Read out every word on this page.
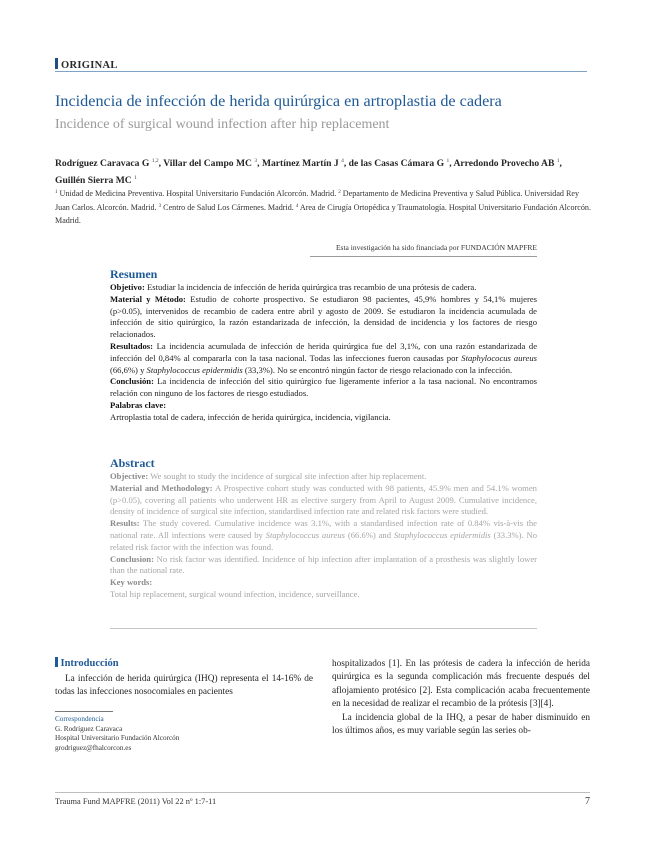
ORIGINAL
Incidencia de infección de herida quirúrgica en artroplastia de cadera
Incidence of surgical wound infection after hip replacement
Rodríguez Caravaca G $^{1,2}$, Villar del Campo MC $^3$, Martínez Martín J $^4$, de las Casas Cámara G $^1$, Arredondo Provecho AB $^1$,
Guillén Sierra MC $^1$
$^1$ Unidad de Medicina Preventiva. Hospital Universitario Fundación Alcorcón. Madrid. $^2$ Departamento de Medicina Preventiva y Salud Pública. Universidad Rey Juan Carlos. Alcorcón. Madrid. $^3$ Centro de Salud Los Cármenes. Madrid. $^4$ Area de Cirugía Ortopédica y Traumatología. Hospital Universitario Fundación Alcorcón. Madrid.
Esta investigación ha sido financiada por FUNDACIÓN MAPFRE
Resumen

Objetivo: Estudiar la incidencia de infección de herida quirúrgica tras recambio de una prótesis de cadera.

Material y Método: Estudio de cohorte prospectivo. Se estudiaron 98 pacientes, 45,9% hombres y 54,1% mujeres (p>0.05), intervenidos de recambio de cadera entre abril y agosto de 2009. Se estudiaron la incidencia acumulada de infección de sitio quirúrgico, la razón estandarizada de infección, la densidad de incidencia y los factores de riesgo relacionados.

Resultados: La incidencia acumulada de infección de herida quirúrgica fue del 3,1%, con una razón estandarizada de infección del 0,84% al compararla con la tasa nacional. Todas las infecciones fueron causadas por Staphylococus aureus (66,6%) y Staphylococcus epidermidis (33,3%). No se encontró ningún factor de riesgo relacionado con la infección.

Conclusión: La incidencia de infección del sitio quirúrgico fue ligeramente inferior a la tasa nacional. No encontramos relación con ninguno de los factores de riesgo estudiados.

Palabras clave:

Artroplastia total de cadera, infección de herida quirúrgica, incidencia, vigilancia.

Abstract

Objective: We sought to study the incidence of surgical site infection after hip replacement.

Material and Methodology: A Prospective cohort study was conducted with 98 patients, 45.9% men and 54.1% women (p>0.05), covering all patients who underwent HR as elective surgery from April to August 2009. Cumulative incidence, density of incidence of surgical site infection, standardised infection rate and related risk factors were studied.

Results: The study covered. Cumulative incidence was 3.1%, with a standardised infection rate of 0.84% vis-à-vis the national rate. All infections were caused by Staphylococcus aureus (66.6%) and Staphylococcus epidermidis (33.3%). No related risk factor with the infection was found.

Conclusion: No risk factor was identified. Incidence of hip infection after implantation of a prosthesis was slightly lower than the national rate.

Key words:

Total hip replacement, surgical wound infection, incidence, surveillance.

Introducción
La infección de herida quirúrgica (IHQ) representa el 14-16% de todas las infecciones nosocomiales en pacientes

hospitalizados [1]. En las prótesis de cadera la infección de herida quirúrgica es la segunda complicación más frecuente después del aflojamiento protésico [2]. Esta complicación acaba frecuentemente en la necesidad de realizar el recambio de la prótesis [3][4].

La incidencia global de la IHQ, a pesar de haber disminuido en los últimos años, es muy variable según las series ob-

Correspondencia
G. Rodríguez Caravaca
Hospital Universitario Fundación Alcorcón
grodriguez@fhalcorcon.es
Trauma Fund MAPFRE (2011) Vol 22 nº 1:7-11	7
